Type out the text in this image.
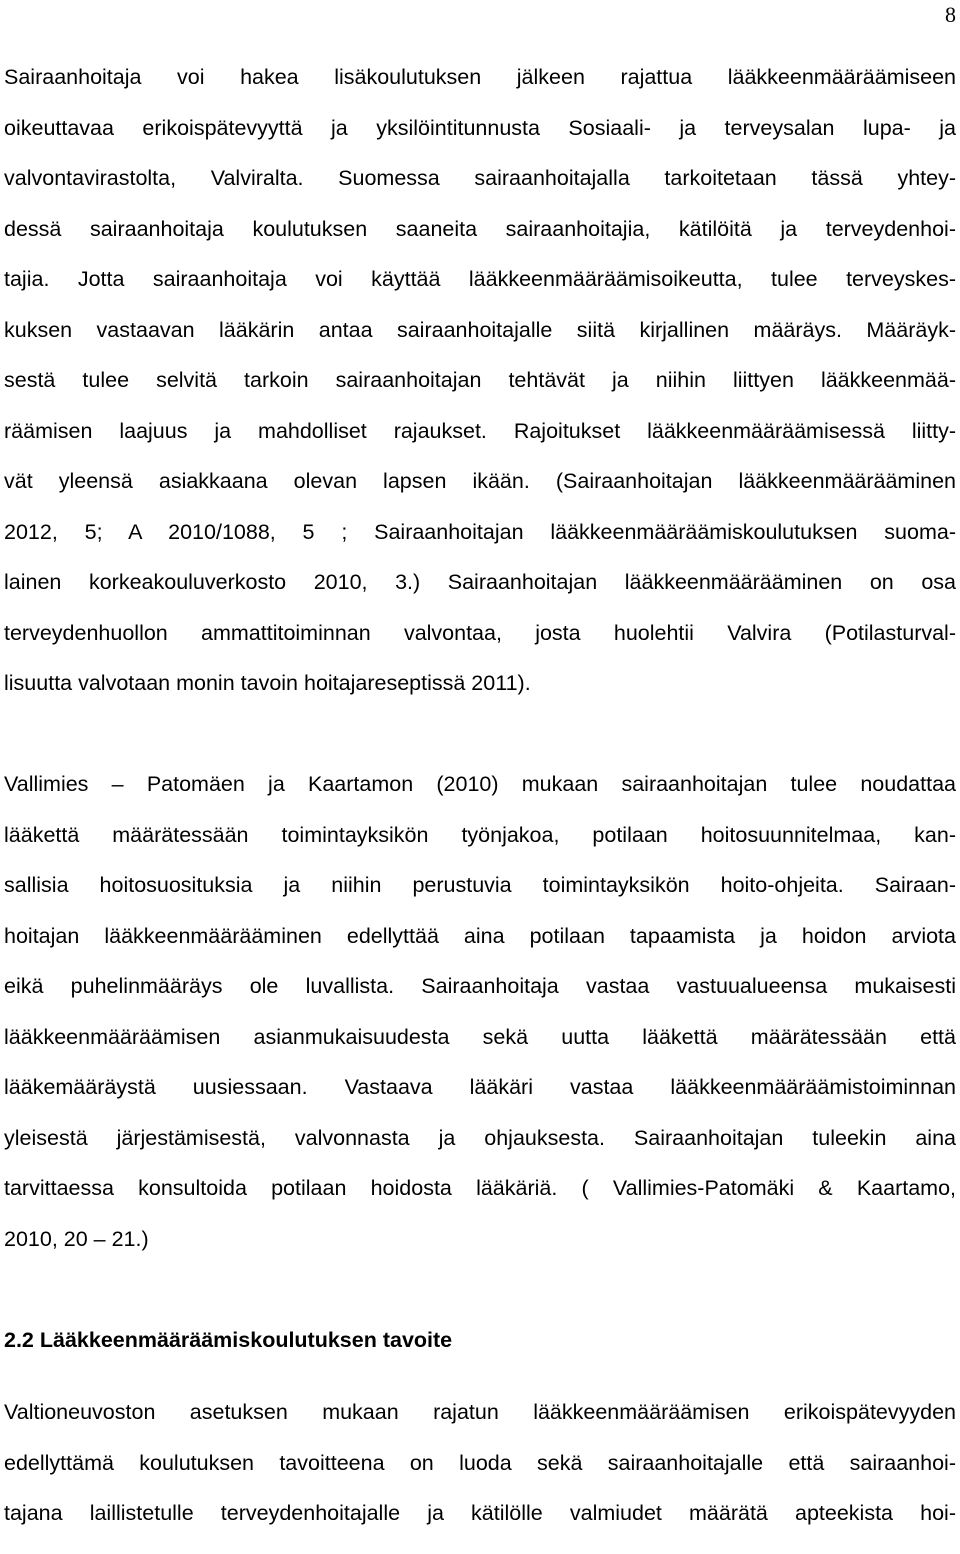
8
Sairaanhoitaja voi hakea lisäkoulutuksen jälkeen rajattua lääkkeenmääräämiseen
oikeuttavaa erikoispätevyyttä ja yksilöintitunnusta Sosiaali- ja terveysalan lupa- ja
valvontavirastolta, Valviralta. Suomessa sairaanhoitajalla tarkoitetaan tässä yhtey-
dessä sairaanhoitaja koulutuksen saaneita sairaanhoitajia, kätilöitä ja terveydenhoi-
tajia. Jotta sairaanhoitaja voi käyttää lääkkeenmääräämisoikeutta, tulee terveyskes-
kuksen vastaavan lääkärin antaa sairaanhoitajalle siitä kirjallinen määräys. Määräyk-
sestä tulee selvitä tarkoin sairaanhoitajan tehtävät ja niihin liittyen lääkkeenmää-
räämisen laajuus ja mahdolliset rajaukset. Rajoitukset lääkkeenmääräämisessä liitty-
vät yleensä asiakkaana olevan lapsen ikään. (Sairaanhoitajan lääkkeenmääräämi​nen
2012, 5; A 2010/1088, 5 ; Sairaanhoitajan lääkkeenmääräämiskoulutuksen suoma-
lainen korkeakouluverkosto 2010, 3.) Sairaanhoitajan lääkkeenmääräämi​nen on osa
terveydenhuollon ammattitoiminnan valvontaa, josta huolehtii Valvira (Potilasturval-
lisuutta valvotaan monin tavoin hoitajareseptissä 2011).
Vallimies – Patomäen ja Kaartamon (2010) mukaan sairaanhoitajan tulee noudattaa
lääkettä määrätessään toimintayksikön työnjakoa, potilaan hoitosuunnitelmaa, kan-
sallisia hoitosuosituksia ja niihin perustuvia toimintayksikön hoito-ohjeita. Sairaan-
hoitajan lääkkeenmääräämi​nen edellyttää aina potilaan tapaamista ja hoidon arviota
eikä puhelinmääräys ole luvallista. Sairaanhoitaja vastaa vastuualueensa mukaisesti
lääkkeenmääräämisen asianmukaisuudesta sekä uutta lääkettä määrätessään että
lääkemääräystä uusiessaan. Vastaava lääkäri vastaa lääkkeenmääräämistoiminnan
yleisestä järjestämisestä, valvonnasta ja ohjauksesta. Sairaanhoitajan tuleekin aina
tarvittaessa konsultoida potilaan hoidosta lääkäriä. ( Vallimies-Patomäki & Kaartamo,
2010, 20 – 21.)
2.2 Lääkkeenmääräämiskoulutuksen tavoite
Valtioneuvoston asetuksen mukaan rajatun lääkkeenmääräämisen erikoispätevyyden
edellyttämä koulutuksen tavoitteena on luoda sekä sairaanhoitajalle että sairaanhoi-
tajana laillistetulle terveydenhoitajalle ja kätilölle valmiudet määrätä apteekista hoi-
